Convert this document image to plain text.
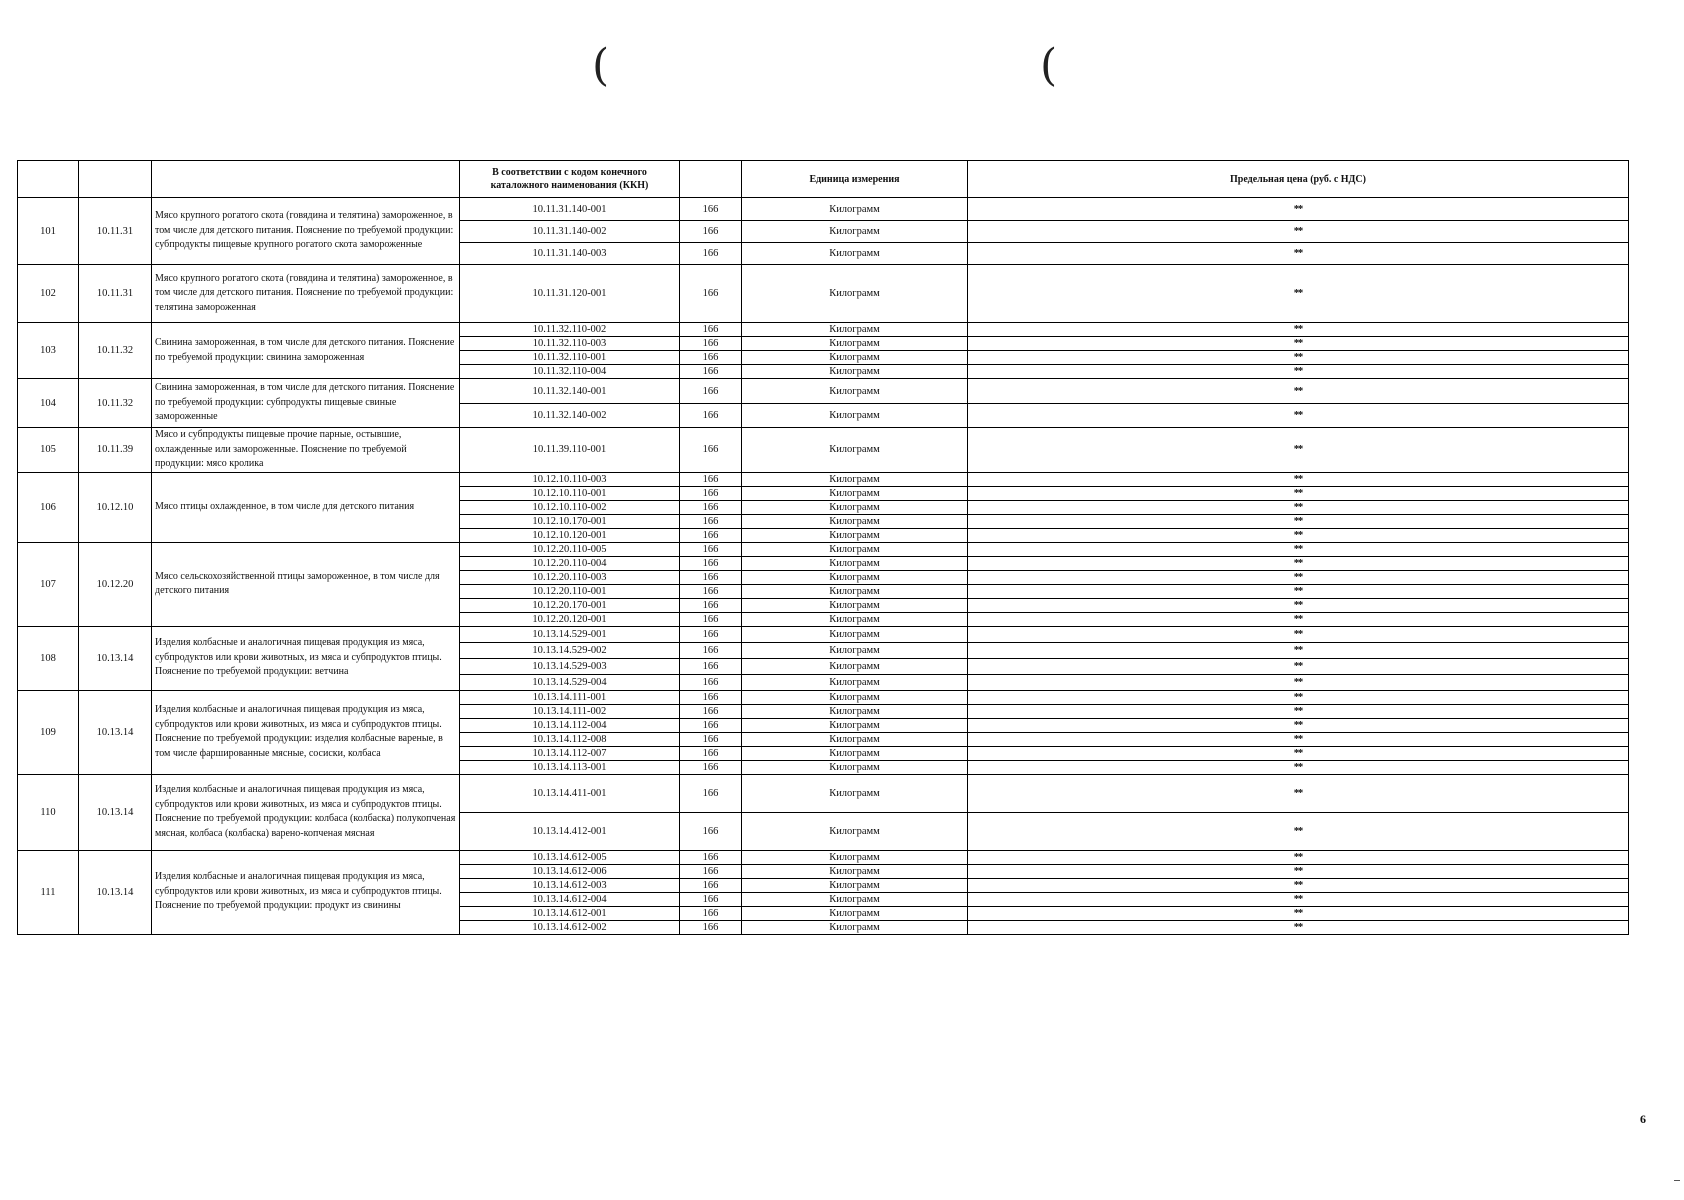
(	(
			В соответствии с кодом конечного каталожного наименования (ККН)		Единица измерения	Предельная цена (руб. с НДС)
101	10.11.31	Мясо крупного рогатого скота (говядина и телятина) замороженное, в том числе для детского питания. Пояснение по требуемой продукции: субпродукты пищевые крупного рогатого скота замороженные	10.11.31.140-001	166	Килограмм	**
			10.11.31.140-002	166	Килограмм	**
			10.11.31.140-003	166	Килограмм	**
102	10.11.31	Мясо крупного рогатого скота (говядина и телятина) замороженное, в том числе для детского питания. Пояснение по требуемой продукции: телятина замороженная	10.11.31.120-001	166	Килограмм	**
103	10.11.32	Свинина замороженная, в том числе для детского питания. Пояснение по требуемой продукции: свинина замороженная	10.11.32.110-002	166	Килограмм	**
			10.11.32.110-003	166	Килограмм	**
			10.11.32.110-001	166	Килограмм	**
			10.11.32.110-004	166	Килограмм	**
104	10.11.32	Свинина замороженная, в том числе для детского питания. Пояснение по требуемой продукции: субпродукты пищевые свиные замороженные	10.11.32.140-001	166	Килограмм	**
			10.11.32.140-002	166	Килограмм	**
105	10.11.39	Мясо и субпродукты пищевые прочие парные, остывшие, охлажденные или замороженные. Пояснение по требуемой продукции: мясо кролика	10.11.39.110-001	166	Килограмм	**
106	10.12.10	Мясо птицы охлажденное, в том числе для детского питания	10.12.10.110-003	166	Килограмм	**
			10.12.10.110-001	166	Килограмм	**
			10.12.10.110-002	166	Килограмм	**
			10.12.10.170-001	166	Килограмм	**
			10.12.10.120-001	166	Килограмм	**
107	10.12.20	Мясо сельскохозяйственной птицы замороженное, в том числе для детского питания	10.12.20.110-005	166	Килограмм	**
			10.12.20.110-004	166	Килограмм	**
			10.12.20.110-003	166	Килограмм	**
			10.12.20.110-001	166	Килограмм	**
			10.12.20.170-001	166	Килограмм	**
			10.12.20.120-001	166	Килограмм	**
108	10.13.14	Изделия колбасные и аналогичная пищевая продукция из мяса, субпродуктов или крови животных, из мяса и субпродуктов птицы. Пояснение по требуемой продукции: ветчина	10.13.14.529-001	166	Килограмм	**
			10.13.14.529-002	166	Килограмм	**
			10.13.14.529-003	166	Килограмм	**
			10.13.14.529-004	166	Килограмм	**
109	10.13.14	Изделия колбасные и аналогичная пищевая продукция из мяса, субпродуктов или крови животных, из мяса и субпродуктов птицы. Пояснение по требуемой продукции: изделия колбасные вареные, в том числе фаршированные мясные, сосиски, колбаса	10.13.14.111-001	166	Килограмм	**
			10.13.14.111-002	166	Килограмм	**
			10.13.14.112-004	166	Килограмм	**
			10.13.14.112-008	166	Килограмм	**
			10.13.14.112-007	166	Килограмм	**
			10.13.14.113-001	166	Килограмм	**
110	10.13.14	Изделия колбасные и аналогичная пищевая продукция из мяса, субпродуктов или крови животных, из мяса и субпродуктов птицы. Пояснение по требуемой продукции: колбаса (колбаска) полукопченая мясная, колбаса (колбаска) варено-копченая мясная	10.13.14.411-001	166	Килограмм	**
			10.13.14.412-001	166	Килограмм	**
111	10.13.14	Изделия колбасные и аналогичная пищевая продукция из мяса, субпродуктов или крови животных, из мяса и субпродуктов птицы. Пояснение по требуемой продукции: продукт из свинины	10.13.14.612-005	166	Килограмм	**
			10.13.14.612-006	166	Килограмм	**
			10.13.14.612-003	166	Килограмм	**
			10.13.14.612-004	166	Килограмм	**
			10.13.14.612-001	166	Килограмм	**
			10.13.14.612-002	166	Килограмм	**
6
